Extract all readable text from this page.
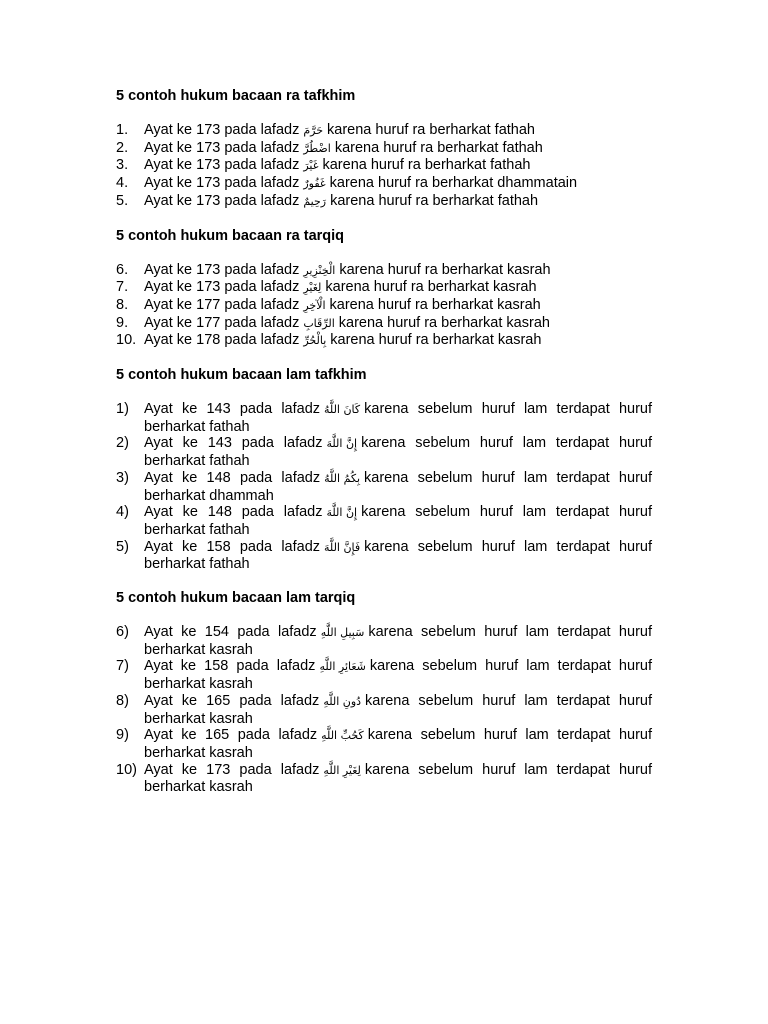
5 contoh hukum bacaan ra tafkhim

1. Ayat ke 173 pada lafadz حَرَّمَ karena huruf ra berharkat fathah
2. Ayat ke 173 pada lafadz اضْطُرَّ karena huruf ra berharkat fathah
3. Ayat ke 173 pada lafadz غَيْرَ karena huruf ra berharkat fathah
4. Ayat ke 173 pada lafadz غَفُورٌ karena huruf ra berharkat dhammatain
5. Ayat ke 173 pada lafadz رَحِيمٌ karena huruf ra berharkat fathah

5 contoh hukum bacaan ra tarqiq

6. Ayat ke 173 pada lafadz الْخِنْزِيرِ karena huruf ra berharkat kasrah
7. Ayat ke 173 pada lafadz لِغَيْرِ karena huruf ra berharkat kasrah
8. Ayat ke 177 pada lafadz الْآخِرِ karena huruf ra berharkat kasrah
9. Ayat ke 177 pada lafadz الرِّقَابِ karena huruf ra berharkat kasrah
10. Ayat ke 178 pada lafadz بِالْحُرِّ karena huruf ra berharkat kasrah

5 contoh hukum bacaan lam tafkhim

1) Ayat ke 143 pada lafadz كَانَ اللَّهُ karena sebelum huruf lam terdapat huruf berharkat fathah
2) Ayat ke 143 pada lafadz إِنَّ اللَّهَ karena sebelum huruf lam terdapat huruf berharkat fathah
3) Ayat ke 148 pada lafadz بِكُمُ اللَّهُ karena sebelum huruf lam terdapat huruf berharkat dhammah
4) Ayat ke 148 pada lafadz إِنَّ اللَّهَ karena sebelum huruf lam terdapat huruf berharkat fathah
5) Ayat ke 158 pada lafadz فَإِنَّ اللَّهَ karena sebelum huruf lam terdapat huruf berharkat fathah

5 contoh hukum bacaan lam tarqiq

6) Ayat ke 154 pada lafadz سَبِيلِ اللَّهِ karena sebelum huruf lam terdapat huruf berharkat kasrah
7) Ayat ke 158 pada lafadz شَعَائِرِ اللَّهِ karena sebelum huruf lam terdapat huruf berharkat kasrah
8) Ayat ke 165 pada lafadz دُونِ اللَّهِ karena sebelum huruf lam terdapat huruf berharkat kasrah
9) Ayat ke 165 pada lafadz كَحُبِّ اللَّهِ karena sebelum huruf lam terdapat huruf berharkat kasrah
10) Ayat ke 173 pada lafadz لِغَيْرِ اللَّهِ karena sebelum huruf lam terdapat huruf berharkat kasrah
